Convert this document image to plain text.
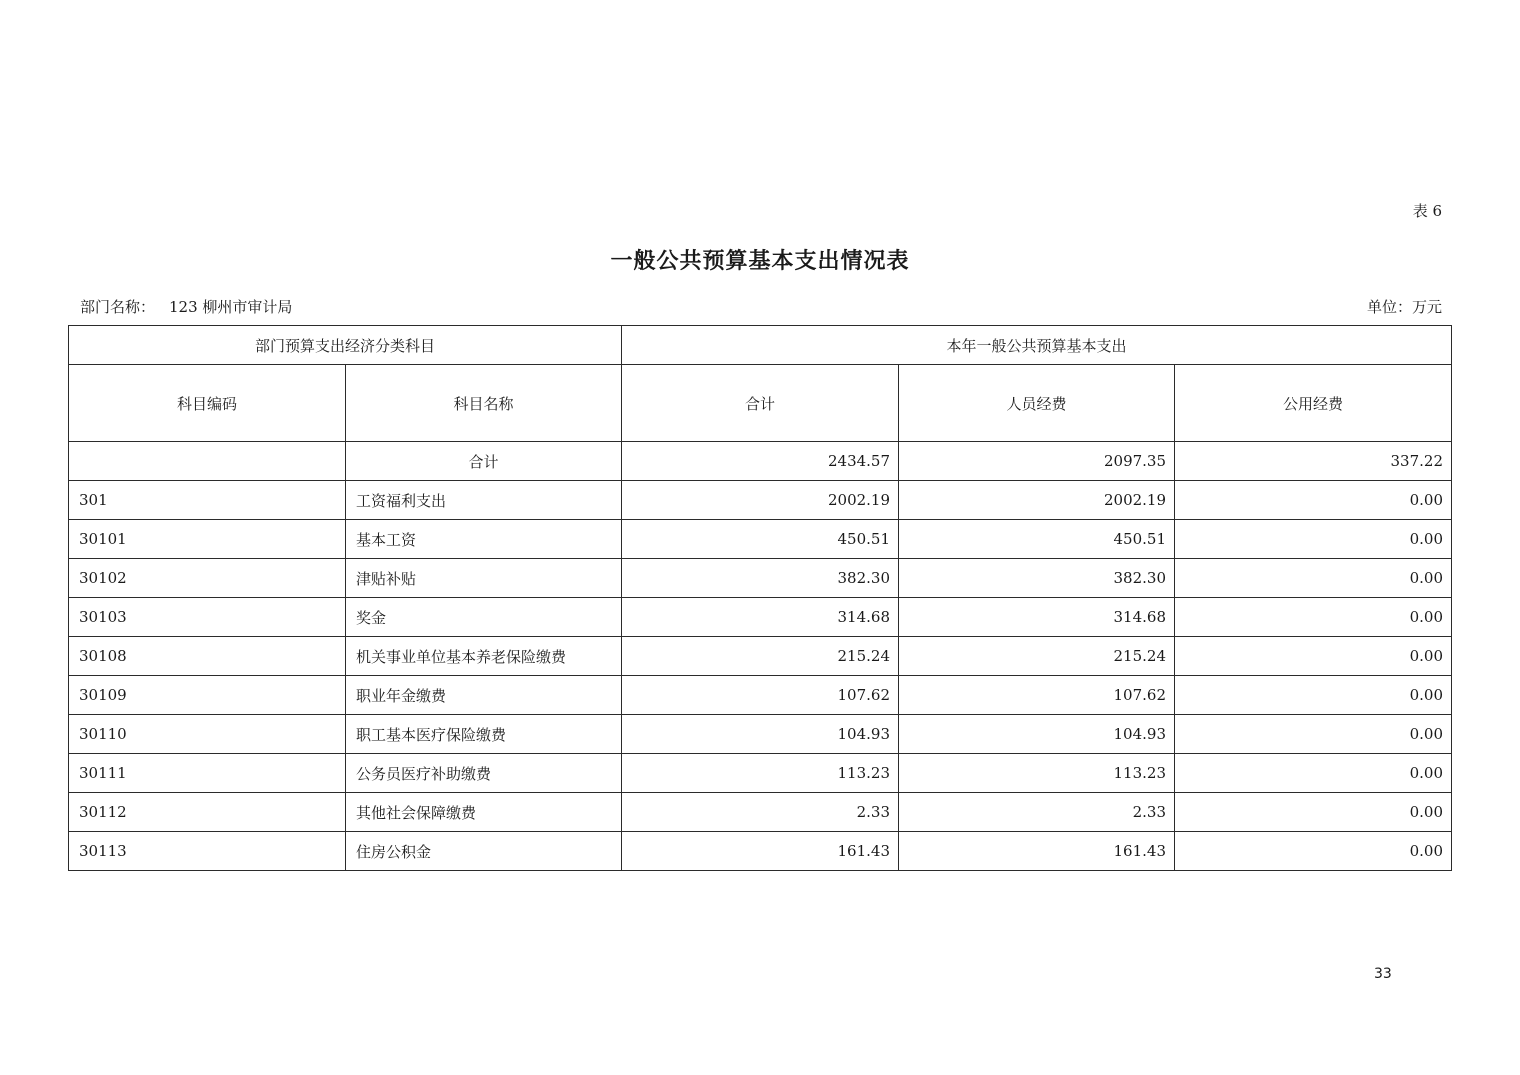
表 6
一般公共预算基本支出情况表
部门名称： 123 柳州市审计局	单位：万元
部门预算支出经济分类科目		本年一般公共预算基本支出		
科目编码	科目名称	合计	人员经费	公用经费
	合计	2434.57	2097.35	337.22
301	工资福利支出	2002.19	2002.19	0.00
30101	基本工资	450.51	450.51	0.00
30102	津贴补贴	382.30	382.30	0.00
30103	奖金	314.68	314.68	0.00
30108	机关事业单位基本养老保险缴费	215.24	215.24	0.00
30109	职业年金缴费	107.62	107.62	0.00
30110	职工基本医疗保险缴费	104.93	104.93	0.00
30111	公务员医疗补助缴费	113.23	113.23	0.00
30112	其他社会保障缴费	2.33	2.33	0.00
30113	住房公积金	161.43	161.43	0.00
33
